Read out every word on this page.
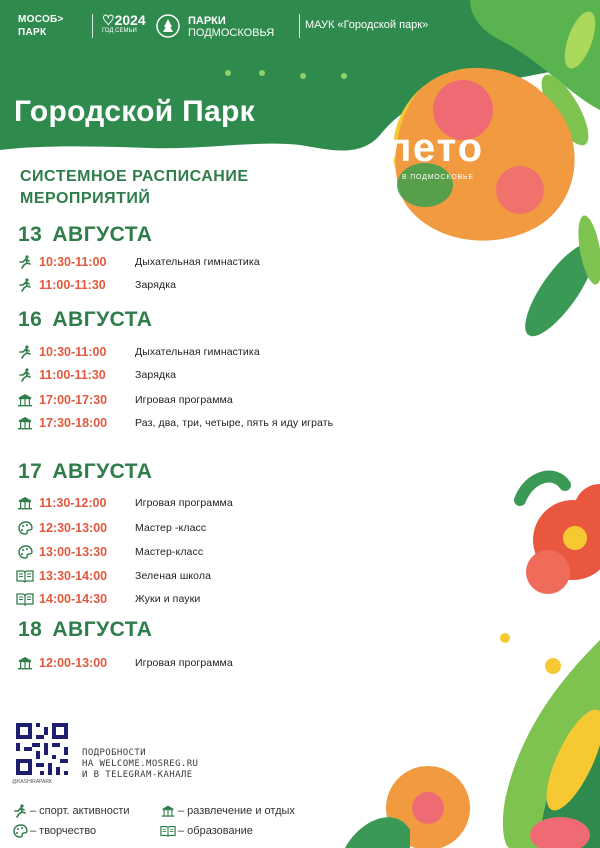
МОСОБ>
ПАРК
♡2024
ГОД СЕМЬИ
ПАРКИ
ПОДМОСКОВЬЯ
МАУК «Городской парк»
Городской Парк
лето
В ПОДМОСКОВЬЕ
СИСТЕМНОЕ РАСПИСАНИЕ МЕРОПРИЯТИЙ
13 АВГУСТА
10:30-11:00	Дыхательная гимнастика
11:00-11:30	Зарядка
16 АВГУСТА
10:30-11:00	Дыхательная гимнастика
11:00-11:30	Зарядка
17:00-17:30	Игровая программа
17:30-18:00	Раз, два, три, четыре, пять я иду играть
17 АВГУСТА
11:30-12:00	Игровая программа
12:30-13:00	Мастер -класс
13:00-13:30	Мастер-класс
13:30-14:00	Зеленая школа
14:00-14:30	Жуки и пауки
18 АВГУСТА
12:00-13:00	Игровая программа
@KASHIRAPARK
ПОДРОБНОСТИ
НА WELCOME.MOSREG.RU
И В TELEGRAM-КАНАЛЕ
– спорт. активности	– развлечение и отдых
– творчество	– образование
